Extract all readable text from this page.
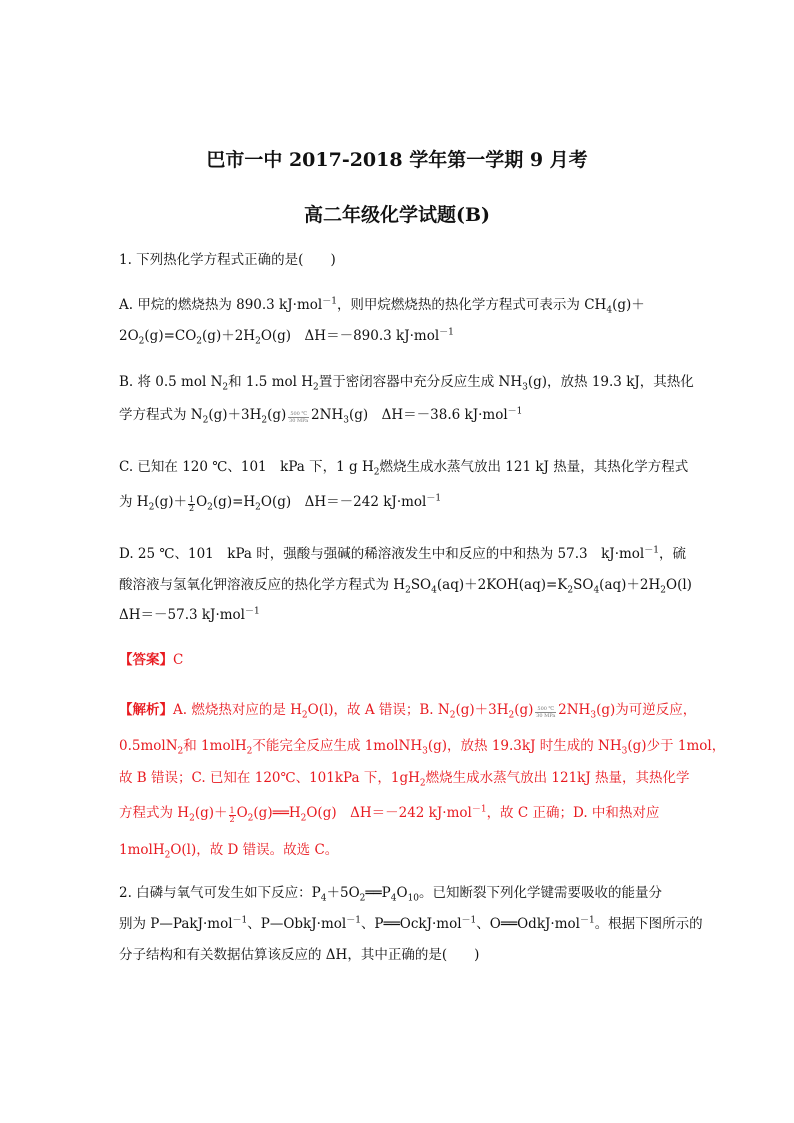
巴市一中 2017-2018 学年第一学期 9 月考
高二年级化学试题(B)
1. 下列热化学方程式正确的是(　　)
A. 甲烷的燃烧热为 890.3 kJ·mol$^{-1}$，则甲烷燃烧热的热化学方程式可表示为 $CH_4(g)+$
$2O_2(g)=CO_2(g)+2H_2O(g)$　ΔH＝－890.3 kJ·mol$^{-1}$
B. 将 0.5 mol $N_2$和 1.5 mol $H_2$置于密闭容器中充分反应生成 $NH_3(g)$，放热 19.3 kJ，其热化
学方程式为 $N_2(g)+3H_2(g)$ 500 ℃
30 MPa $2NH_3(g)$　ΔH＝－38.6 kJ·mol$^{-1}$
C. 已知在 120 ℃、101　kPa 下，1 g $H_2$燃烧生成水蒸气放出 121 kJ 热量，其热化学方程式
为 $H_2(g)+ \frac{1}{2} O_2(g)=H_2O(g)$　ΔH＝－242 kJ·mol$^{-1}$
D. 25 ℃、101　kPa 时，强酸与强碱的稀溶液发生中和反应的中和热为 57.3　kJ·mol$^{-1}$，硫
酸溶液与氢氧化钾溶液反应的热化学方程式为 $H_2SO_4(aq)+2KOH(aq)=K_2SO_4(aq)+2H_2O(l)$
ΔH＝－57.3 kJ·mol$^{-1}$
【答案】C
【解析】A. 燃烧热对应的是 $H_2O(l)$，故 A 错误；B. $N_2(g)+3H_2(g)$ 500 ℃
30 MPa $2NH_3(g)$为可逆反应，
0.5molN$_2$和 1molH$_2$不能完全反应生成 1molNH$_3$(g)，放热 19.3kJ 时生成的 $NH_3(g)$少于 1mol，
故 B 错误；C. 已知在 120℃、101kPa 下，$1gH_2$燃烧生成水蒸气放出 121kJ 热量，其热化学
方程式为 $H_2(g)+ \frac{1}{2}$ $O_2(g)══H_2O(g)$　ΔH＝－242 kJ·mol$^{-1}$，故 C 正确；D. 中和热对应
1molH$_2$O(l)，故 D 错误。故选 C。
2. 白磷与氧气可发生如下反应：$P_4+5O_2══P_4O_{10}$。已知断裂下列化学键需要吸收的能量分
别为 P—PakJ·mol$^{-1}$、P—ObkJ·mol$^{-1}$、P══OckJ·mol$^{-1}$、O══OdkJ·mol$^{-1}$。根据下图所示的
分子结构和有关数据估算该反应的 ΔH，其中正确的是(　　)
